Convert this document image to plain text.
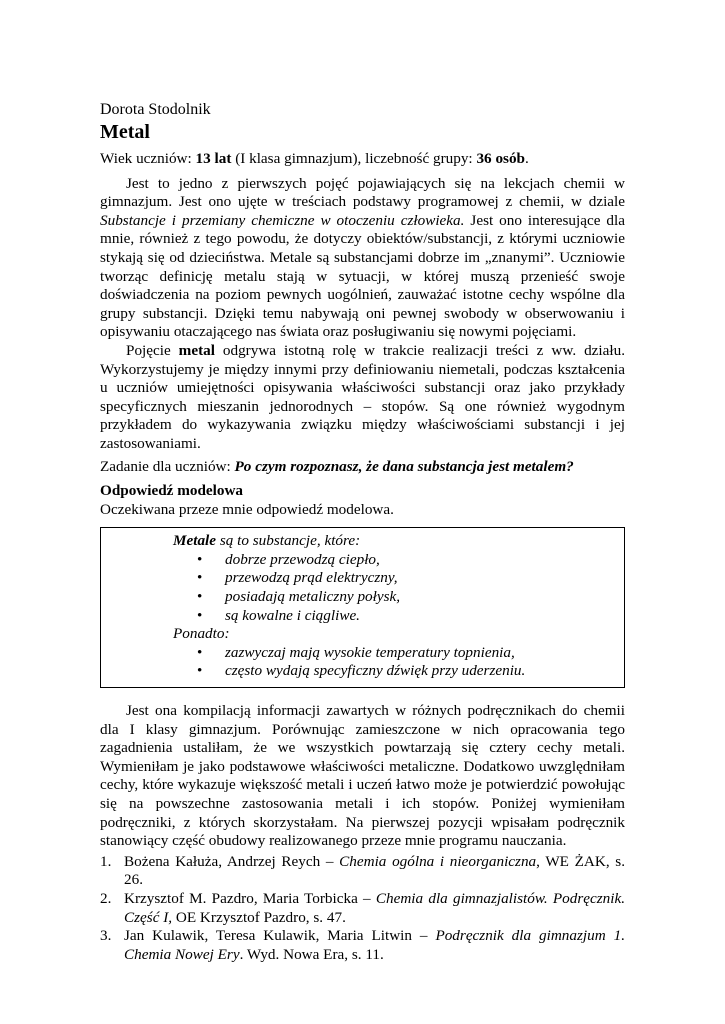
Dorota Stodolnik
Metal
Wiek uczniów: 13 lat (I klasa gimnazjum), liczebność grupy: 36 osób.

Jest to jedno z pierwszych pojęć pojawiających się na lekcjach chemii w gimnazjum. Jest ono ujęte w treściach podstawy programowej z chemii, w dziale Substancje i przemiany chemiczne w otoczeniu człowieka. Jest ono interesujące dla mnie, również z tego powodu, że dotyczy obiektów/substancji, z którymi uczniowie stykają się od dzieciństwa. Metale są substancjami dobrze im „znanymi”. Uczniowie tworząc definicję metalu stają w sytuacji, w której muszą przenieść swoje doświadczenia na poziom pewnych uogólnień, zauważać istotne cechy wspólne dla grupy substancji. Dzięki temu nabywają oni pewnej swobody w obserwowaniu i opisywaniu otaczającego nas świata oraz posługiwaniu się nowymi pojęciami.

Pojęcie metal odgrywa istotną rolę w trakcie realizacji treści z ww. działu. Wykorzystujemy je między innymi przy definiowaniu niemetali, podczas kształcenia u uczniów umiejętności opisywania właściwości substancji oraz jako przykłady specyficznych mieszanin jednorodnych – stopów. Są one również wygodnym przykładem do wykazywania związku między właściwościami substancji i jej zastosowaniami.

Zadanie dla uczniów: Po czym rozpoznasz, że dana substancja jest metalem?
Odpowiedź modelowa
Oczekiwana przeze mnie odpowiedź modelowa.
Metale są to substancje, które:
• dobrze przewodzą ciepło,
• przewodzą prąd elektryczny,
• posiadają metaliczny połysk,
• są kowalne i ciągliwe.
Ponadto:
• zazwyczaj mają wysokie temperatury topnienia,
• często wydają specyficzny dźwięk przy uderzeniu.

Jest ona kompilacją informacji zawartych w różnych podręcznikach do chemii dla I klasy gimnazjum. Porównując zamieszczone w nich opracowania tego zagadnienia ustaliłam, że we wszystkich powtarzają się cztery cechy metali. Wymieniłam je jako podstawowe właściwości metaliczne. Dodatkowo uwzględniłam cechy, które wykazuje większość metali i uczeń łatwo może je potwierdzić powołując się na powszechne zastosowania metali i ich stopów. Poniżej wymieniłam podręczniki, z których skorzystałam. Na pierwszej pozycji wpisałam podręcznik stanowiący część obudowy realizowanego przeze mnie programu nauczania.

1. Bożena Kałuża, Andrzej Reych – Chemia ogólna i nieorganiczna, WE ŻAK, s. 26.
2. Krzysztof M. Pazdro, Maria Torbicka – Chemia dla gimnazjalistów. Podręcznik. Część I, OE Krzysztof Pazdro, s. 47.
3. Jan Kulawik, Teresa Kulawik, Maria Litwin – Podręcznik dla gimnazjum 1. Chemia Nowej Ery. Wyd. Nowa Era, s. 11.
